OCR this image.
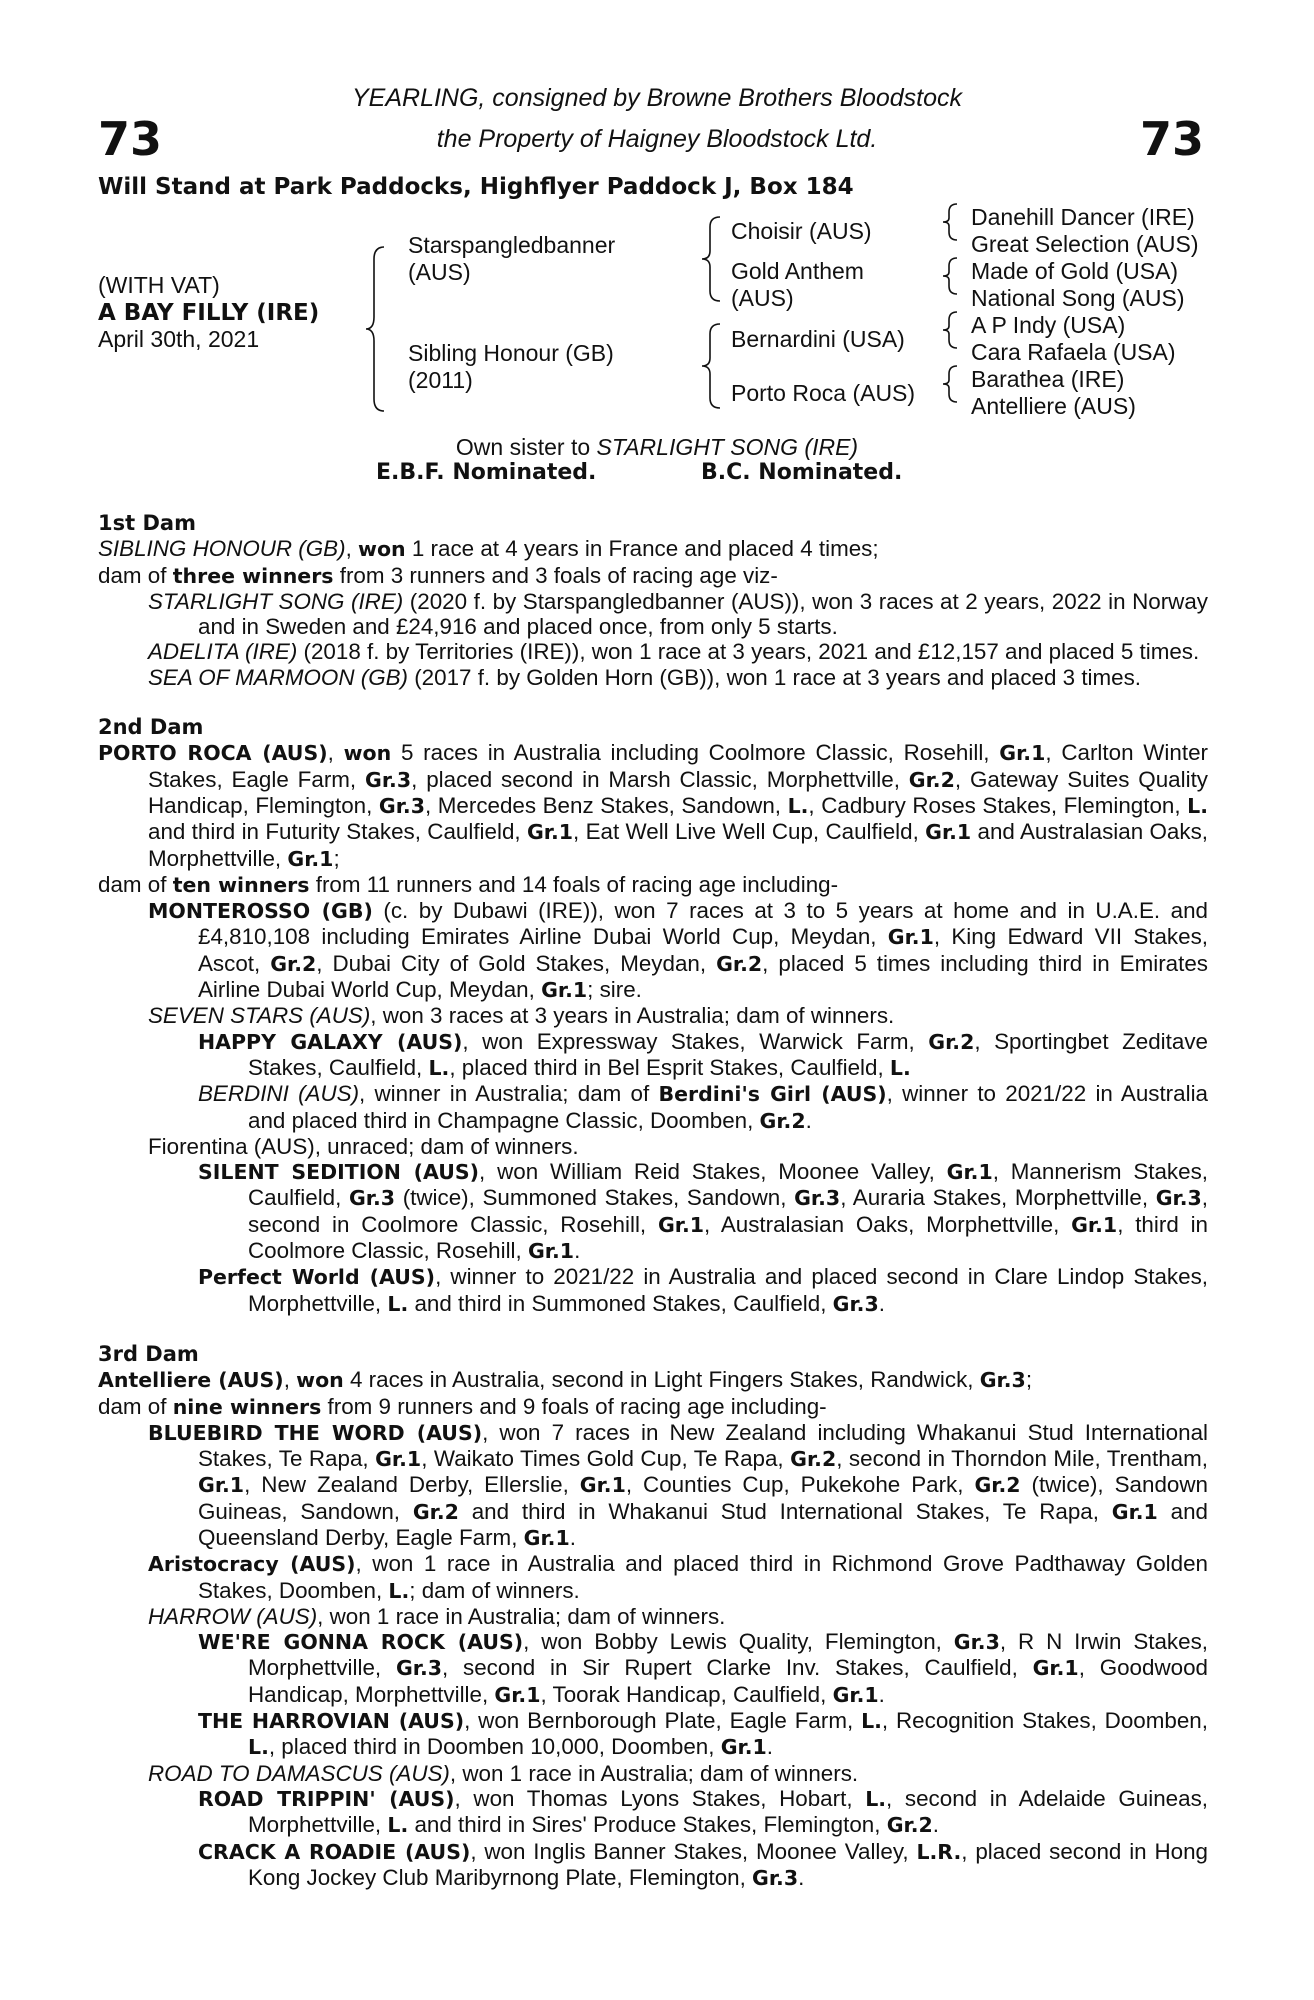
73	73
YEARLING, consigned by Browne Brothers Bloodstock
the Property of Haigney Bloodstock Ltd.
Will Stand at Park Paddocks, Highflyer Paddock J, Box 184
(WITH VAT)
A BAY FILLY (IRE)
April 30th, 2021
Starspangledbanner
(AUS)
Sibling Honour (GB)
(2011)
Choisir (AUS)
Gold Anthem
(AUS)
Bernardini (USA)
Porto Roca (AUS)
Danehill Dancer (IRE)
Great Selection (AUS)
Made of Gold (USA)
National Song (AUS)
A P Indy (USA)
Cara Rafaela (USA)
Barathea (IRE)
Antelliere (AUS)
Own sister to STARLIGHT SONG (IRE)
E.B.F. Nominated.	B.C. Nominated.
1st Dam
SIBLING HONOUR (GB), won 1 race at 4 years in France and placed 4 times;
dam of three winners from 3 runners and 3 foals of racing age viz-
STARLIGHT SONG (IRE) (2020 f. by Starspangledbanner (AUS)), won 3 races at 2 years, 2022 in Norway and in Sweden and £24,916 and placed once, from only 5 starts.
ADELITA (IRE) (2018 f. by Territories (IRE)), won 1 race at 3 years, 2021 and £12,157 and placed 5 times.
SEA OF MARMOON (GB) (2017 f. by Golden Horn (GB)), won 1 race at 3 years and placed 3 times.
2nd Dam
PORTO ROCA (AUS), won 5 races in Australia including Coolmore Classic, Rosehill, Gr.1, Carlton Winter Stakes, Eagle Farm, Gr.3, placed second in Marsh Classic, Morphettville, Gr.2, Gateway Suites Quality Handicap, Flemington, Gr.3, Mercedes Benz Stakes, Sandown, L., Cadbury Roses Stakes, Flemington, L. and third in Futurity Stakes, Caulfield, Gr.1, Eat Well Live Well Cup, Caulfield, Gr.1 and Australasian Oaks, Morphettville, Gr.1;
dam of ten winners from 11 runners and 14 foals of racing age including-
MONTEROSSO (GB) (c. by Dubawi (IRE)), won 7 races at 3 to 5 years at home and in U.A.E. and £4,810,108 including Emirates Airline Dubai World Cup, Meydan, Gr.1, King Edward VII Stakes, Ascot, Gr.2, Dubai City of Gold Stakes, Meydan, Gr.2, placed 5 times including third in Emirates Airline Dubai World Cup, Meydan, Gr.1; sire.
SEVEN STARS (AUS), won 3 races at 3 years in Australia; dam of winners.
HAPPY GALAXY (AUS), won Expressway Stakes, Warwick Farm, Gr.2, Sportingbet Zeditave Stakes, Caulfield, L., placed third in Bel Esprit Stakes, Caulfield, L.
BERDINI (AUS), winner in Australia; dam of Berdini's Girl (AUS), winner to 2021/22 in Australia and placed third in Champagne Classic, Doomben, Gr.2.
Fiorentina (AUS), unraced; dam of winners.
SILENT SEDITION (AUS), won William Reid Stakes, Moonee Valley, Gr.1, Mannerism Stakes, Caulfield, Gr.3 (twice), Summoned Stakes, Sandown, Gr.3, Auraria Stakes, Morphettville, Gr.3, second in Coolmore Classic, Rosehill, Gr.1, Australasian Oaks, Morphettville, Gr.1, third in Coolmore Classic, Rosehill, Gr.1.
Perfect World (AUS), winner to 2021/22 in Australia and placed second in Clare Lindop Stakes, Morphettville, L. and third in Summoned Stakes, Caulfield, Gr.3.
3rd Dam
Antelliere (AUS), won 4 races in Australia, second in Light Fingers Stakes, Randwick, Gr.3;
dam of nine winners from 9 runners and 9 foals of racing age including-
BLUEBIRD THE WORD (AUS), won 7 races in New Zealand including Whakanui Stud International Stakes, Te Rapa, Gr.1, Waikato Times Gold Cup, Te Rapa, Gr.2, second in Thorndon Mile, Trentham, Gr.1, New Zealand Derby, Ellerslie, Gr.1, Counties Cup, Pukekohe Park, Gr.2 (twice), Sandown Guineas, Sandown, Gr.2 and third in Whakanui Stud International Stakes, Te Rapa, Gr.1 and Queensland Derby, Eagle Farm, Gr.1.
Aristocracy (AUS), won 1 race in Australia and placed third in Richmond Grove Padthaway Golden Stakes, Doomben, L.; dam of winners.
HARROW (AUS), won 1 race in Australia; dam of winners.
WE'RE GONNA ROCK (AUS), won Bobby Lewis Quality, Flemington, Gr.3, R N Irwin Stakes, Morphettville, Gr.3, second in Sir Rupert Clarke Inv. Stakes, Caulfield, Gr.1, Goodwood Handicap, Morphettville, Gr.1, Toorak Handicap, Caulfield, Gr.1.
THE HARROVIAN (AUS), won Bernborough Plate, Eagle Farm, L., Recognition Stakes, Doomben, L., placed third in Doomben 10,000, Doomben, Gr.1.
ROAD TO DAMASCUS (AUS), won 1 race in Australia; dam of winners.
ROAD TRIPPIN' (AUS), won Thomas Lyons Stakes, Hobart, L., second in Adelaide Guineas, Morphettville, L. and third in Sires' Produce Stakes, Flemington, Gr.2.
CRACK A ROADIE (AUS), won Inglis Banner Stakes, Moonee Valley, L.R., placed second in Hong Kong Jockey Club Maribyrnong Plate, Flemington, Gr.3.
